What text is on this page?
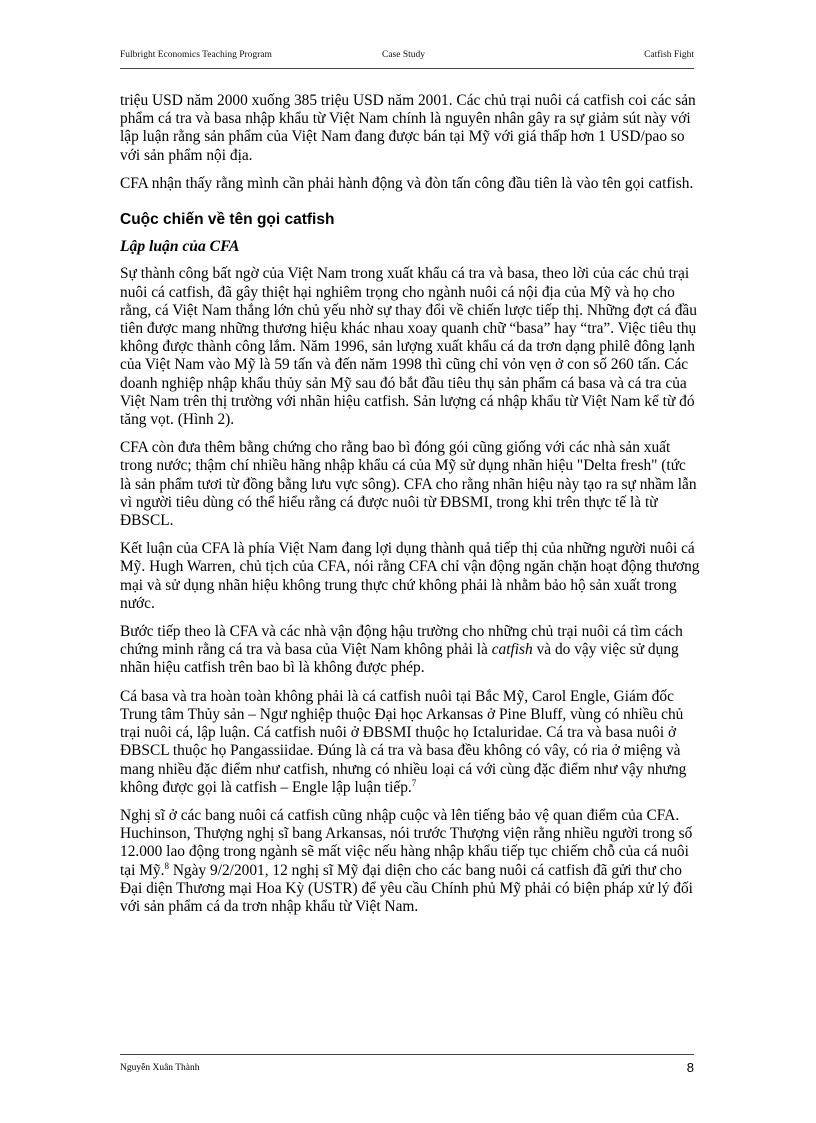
Fulbright Economics Teaching Program	Case Study	Catfish Fight

triệu USD năm 2000 xuống 385 triệu USD năm 2001. Các chủ trại nuôi cá catfish coi các sản phẩm cá tra và basa nhập khẩu từ Việt Nam chính là nguyên nhân gây ra sự giảm sút này với lập luận rằng sản phẩm của Việt Nam đang được bán tại Mỹ với giá thấp hơn 1 USD/pao so với sản phẩm nội địa.

CFA nhận thấy rằng mình cần phải hành động và đòn tấn công đầu tiên là vào tên gọi catfish.

Cuộc chiến về tên gọi catfish
Lập luận của CFA

Sự thành công bất ngờ của Việt Nam trong xuất khẩu cá tra và basa, theo lời của các chủ trại nuôi cá catfish, đã gây thiệt hại nghiêm trọng cho ngành nuôi cá nội địa của Mỹ và họ cho rằng, cá Việt Nam thắng lớn chủ yếu nhờ sự thay đổi về chiến lược tiếp thị. Những đợt cá đầu tiên được mang những thương hiệu khác nhau xoay quanh chữ “basa” hay “tra”. Việc tiêu thụ không được thành công lắm. Năm 1996, sản lượng xuất khẩu cá da trơn dạng philê đông lạnh của Việt Nam vào Mỹ là 59 tấn và đến năm 1998 thì cũng chỉ vỏn vẹn ở con số 260 tấn. Các doanh nghiệp nhập khẩu thủy sản Mỹ sau đó bắt đầu tiêu thụ sản phẩm cá basa và cá tra của Việt Nam trên thị trường với nhãn hiệu catfish. Sản lượng cá nhập khẩu từ Việt Nam kể từ đó tăng vọt. (Hình 2).

CFA còn đưa thêm bằng chứng cho rằng bao bì đóng gói cũng giống với các nhà sản xuất trong nước; thậm chí nhiều hãng nhập khẩu cá của Mỹ sử dụng nhãn hiệu "Delta fresh" (tức là sản phẩm tươi từ đồng bằng lưu vực sông). CFA cho rằng nhãn hiệu này tạo ra sự nhầm lẫn vì người tiêu dùng có thể hiểu rằng cá được nuôi từ ĐBSMI, trong khi trên thực tế là từ ĐBSCL.

Kết luận của CFA là phía Việt Nam đang lợi dụng thành quả tiếp thị của những người nuôi cá Mỹ. Hugh Warren, chủ tịch của CFA, nói rằng CFA chỉ vận động ngăn chặn hoạt động thương mại và sử dụng nhãn hiệu không trung thực chứ không phải là nhằm bảo hộ sản xuất trong nước.

Bước tiếp theo là CFA và các nhà vận động hậu trường cho những chủ trại nuôi cá tìm cách chứng minh rằng cá tra và basa của Việt Nam không phải là catfish và do vậy việc sử dụng nhãn hiệu catfish trên bao bì là không được phép.

Cá basa và tra hoàn toàn không phải là cá catfish nuôi tại Bắc Mỹ, Carol Engle, Giám đốc Trung tâm Thủy sản – Ngư nghiệp thuộc Đại học Arkansas ở Pine Bluff, vùng có nhiều chủ trại nuôi cá, lập luận. Cá catfish nuôi ở ĐBSMI thuộc họ Ictaluridae. Cá tra và basa nuôi ở ĐBSCL thuộc họ Pangassiidae. Đúng là cá tra và basa đều không có vây, có ria ở miệng và mang nhiều đặc điểm như catfish, nhưng có nhiều loại cá với cùng đặc điểm như vậy nhưng không được gọi là catfish – Engle lập luận tiếp.$^7$

Nghị sĩ ở các bang nuôi cá catfish cũng nhập cuộc và lên tiếng bảo vệ quan điểm của CFA. Huchinson, Thượng nghị sĩ bang Arkansas, nói trước Thượng viện rằng nhiều người trong số 12.000 lao động trong ngành sẽ mất việc nếu hàng nhập khẩu tiếp tục chiếm chỗ của cá nuôi tại Mỹ.$^8$ Ngày 9/2/2001, 12 nghị sĩ Mỹ đại diện cho các bang nuôi cá catfish đã gửi thư cho Đại diện Thương mại Hoa Kỳ (USTR) để yêu cầu Chính phủ Mỹ phải có biện pháp xử lý đối với sản phẩm cá da trơn nhập khẩu từ Việt Nam.

Nguyễn Xuân Thành	8
